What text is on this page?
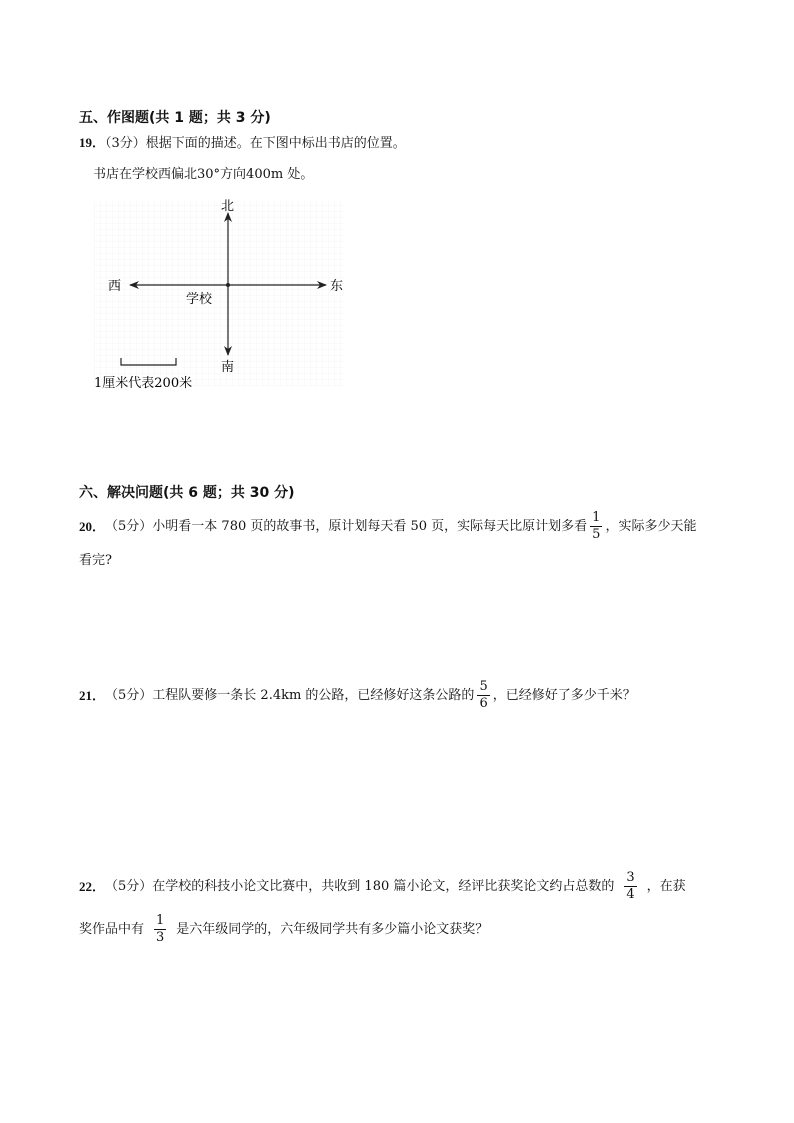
五、作图题(共 1 题；共 3 分)
19．（3分）根据下面的描述。在下图中标出书店的位置。
书店在学校西偏北30°方向400m 处。
北
南
西	东
学校
1厘米代表200米
六、解决问题(共 6 题；共 30 分)
20． （5分）小明看一本 780 页的故事书，原计划每天看 50 页，实际每天比原计划多看 $\frac{1}{5}$ ，实际多少天能
看完?
21． （5分）工程队要修一条长 2.4km 的公路，已经修好这条公路的 $\frac{5}{6}$ ，已经修好了多少千米？
22． （5分）在学校的科技小论文比赛中，共收到 180 篇小论文，经评比获奖论文约占总数的 $\frac{3}{4}$ ，在获
奖作品中有 $\frac{1}{3}$ 是六年级同学的，六年级同学共有多少篇小论文获奖？
